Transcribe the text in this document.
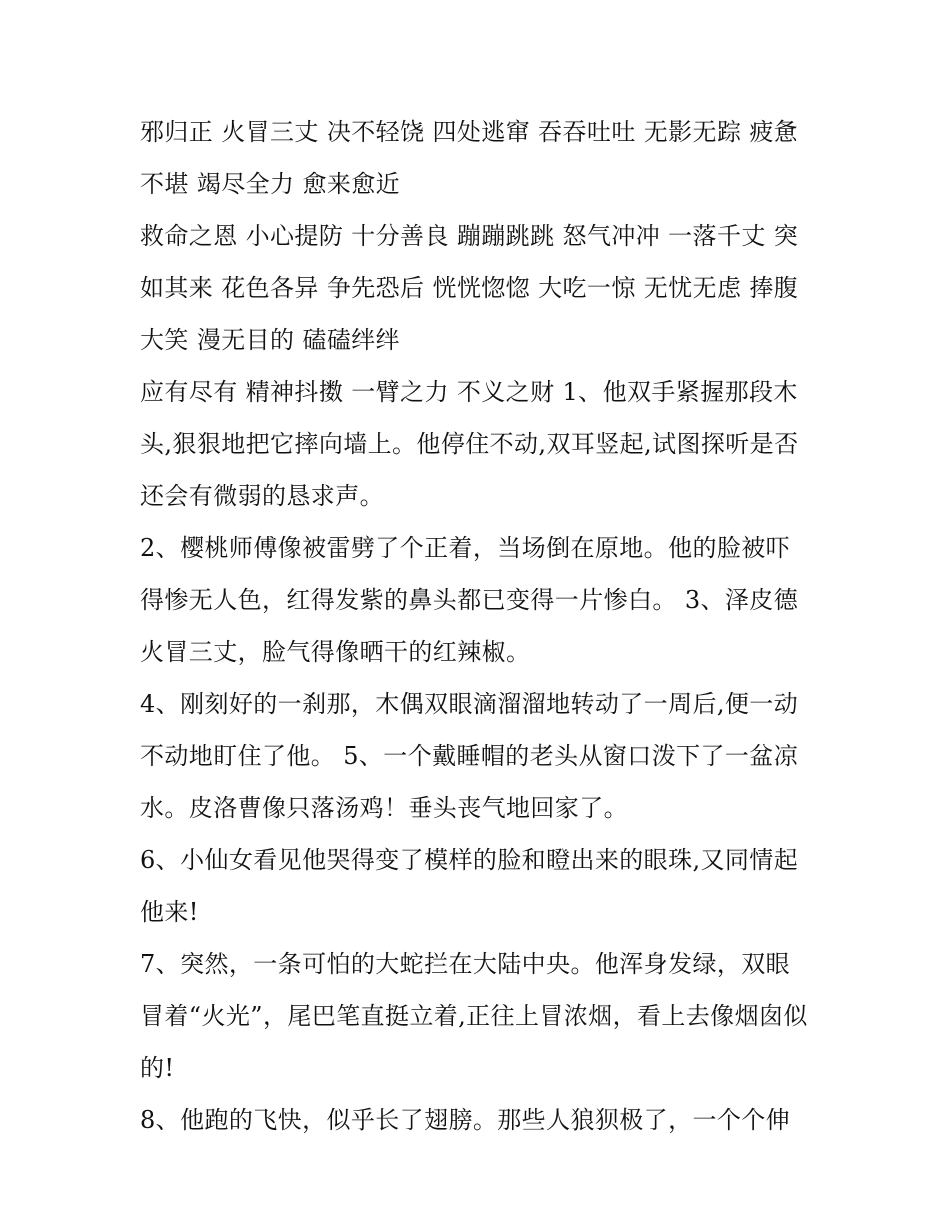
邪归正 火冒三丈 决不轻饶 四处逃窜 吞吞吐吐 无影无踪 疲惫不堪 竭尽全力 愈来愈近

救命之恩 小心提防 十分善良 蹦蹦跳跳 怒气冲冲 一落千丈 突如其来 花色各异 争先恐后 恍恍惚惚 大吃一惊 无忧无虑 捧腹大笑 漫无目的 磕磕绊绊

应有尽有 精神抖擞 一臂之力 不义之财 1、他双手紧握那段木头,狠狠地把它摔向墙上。他停住不动,双耳竖起,试图探听是否还会有微弱的恳求声。

2、樱桃师傅像被雷劈了个正着，当场倒在原地。他的脸被吓得惨无人色，红得发紫的鼻头都已变得一片惨白。 3、泽皮德火冒三丈，脸气得像晒干的红辣椒。

4、刚刻好的一刹那，木偶双眼滴溜溜地转动了一周后,便一动不动地盯住了他。 5、一个戴睡帽的老头从窗口泼下了一盆凉水。皮洛曹像只落汤鸡！垂头丧气地回家了。

6、小仙女看见他哭得变了模样的脸和瞪出来的眼珠,又同情起他来!

7、突然，一条可怕的大蛇拦在大陆中央。他浑身发绿，双眼冒着“火光”，尾巴笔直挺立着,正往上冒浓烟，看上去像烟囱似的!

8、他跑的飞快，似乎长了翅膀。那些人狼狈极了，一个个伸
